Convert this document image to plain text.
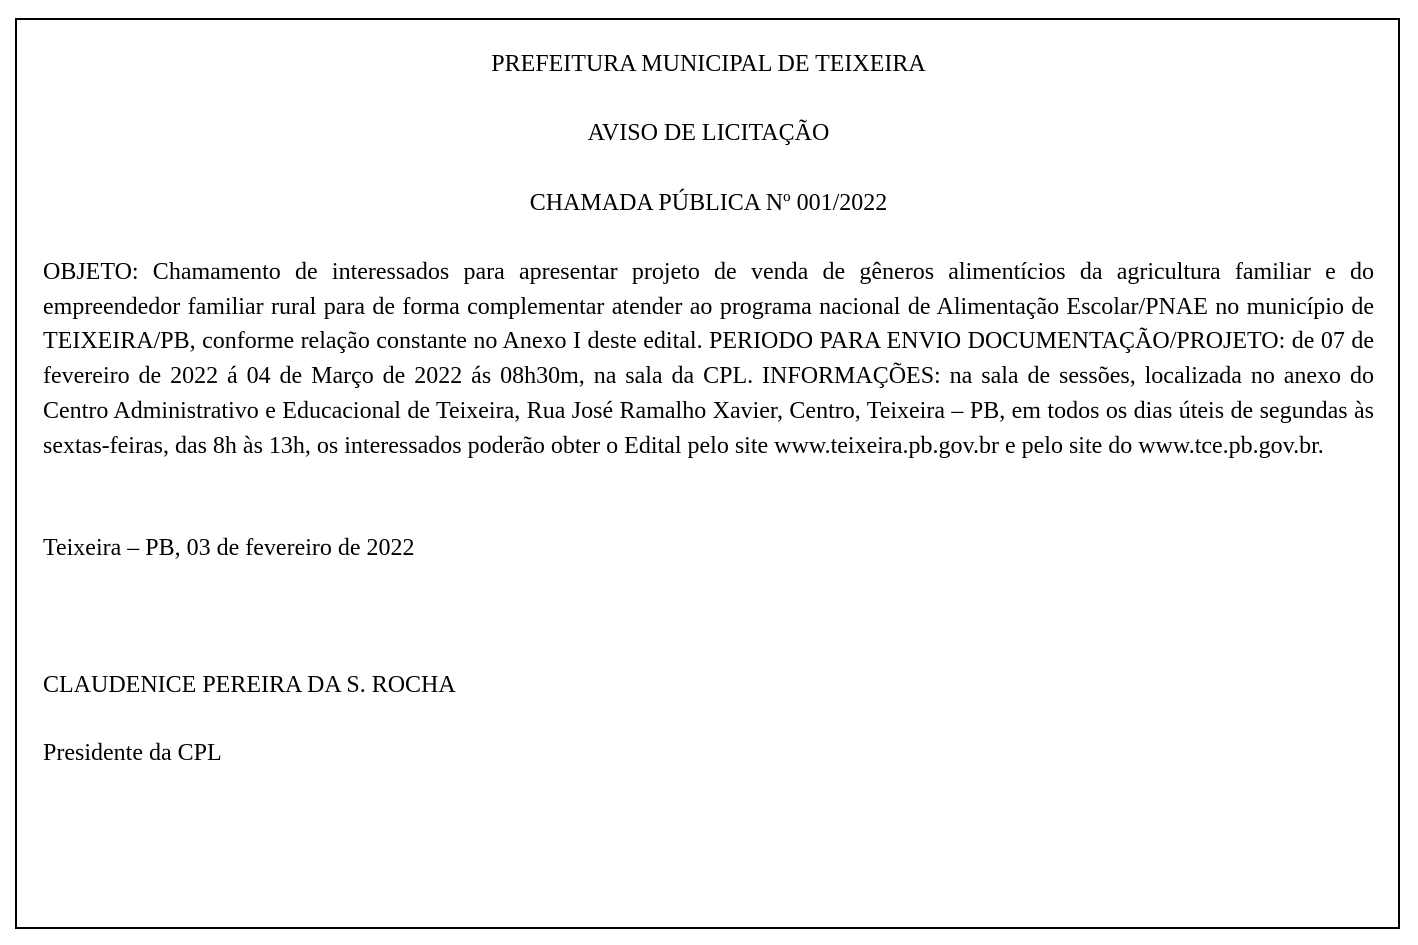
PREFEITURA MUNICIPAL DE TEIXEIRA

AVISO DE LICITAÇÃO

CHAMADA PÚBLICA Nº 001/2022

OBJETO: Chamamento de interessados para apresentar projeto de venda de gêneros alimentícios da agricultura familiar e do empreendedor familiar rural para de forma complementar atender ao programa nacional de Alimentação Escolar/PNAE no município de TEIXEIRA/PB, conforme relação constante no Anexo I deste edital. PERIODO PARA ENVIO DOCUMENTAÇÃO/PROJETO: de 07 de fevereiro de 2022 á 04 de Março de 2022 ás 08h30m, na sala da CPL. INFORMAÇÕES: na sala de sessões, localizada no anexo do Centro Administrativo e Educacional de Teixeira, Rua José Ramalho Xavier, Centro, Teixeira – PB, em todos os dias úteis de segundas às sextas-feiras, das 8h às 13h, os interessados poderão obter o Edital pelo site www.teixeira.pb.gov.br e pelo site do www.tce.pb.gov.br.

Teixeira – PB, 03 de fevereiro de 2022

CLAUDENICE PEREIRA DA S. ROCHA

Presidente da CPL
